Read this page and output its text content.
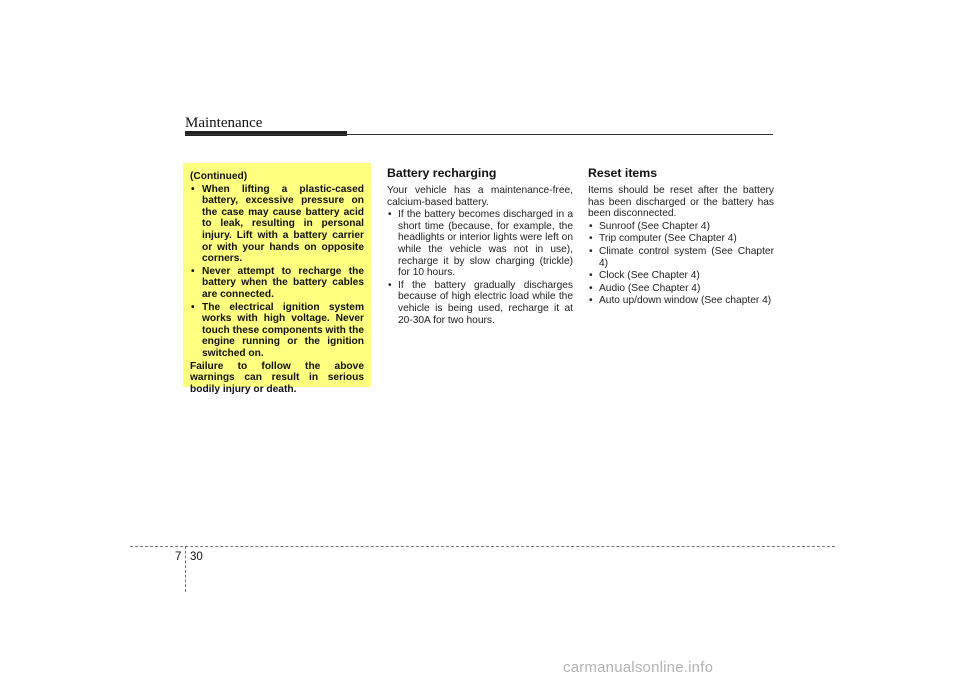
Maintenance
(Continued)
• When lifting a plastic-cased battery, excessive pressure on the case may cause battery acid to leak, resulting in personal injury. Lift with a battery carrier or with your hands on opposite corners.
• Never attempt to recharge the battery when the battery cables are connected.
• The electrical ignition system works with high voltage. Never touch these components with the engine running or the ignition switched on.
Failure to follow the above warnings can result in serious bodily injury or death.
Battery recharging

Your vehicle has a maintenance-free, calcium-based battery.

• If the battery becomes discharged in a short time (because, for example, the headlights or interior lights were left on while the vehicle was not in use), recharge it by slow charging (trickle) for 10 hours.
• If the battery gradually discharges because of high electric load while the vehicle is being used, recharge it at 20-30A for two hours.
Reset items

Items should be reset after the battery has been discharged or the battery has been disconnected.

• Sunroof (See Chapter 4)
• Trip computer (See Chapter 4)
• Climate control system (See Chapter 4)
• Clock (See Chapter 4)
• Audio (See Chapter 4)
• Auto up/down window (See chapter 4)
7 30
carmanualsonline.info
